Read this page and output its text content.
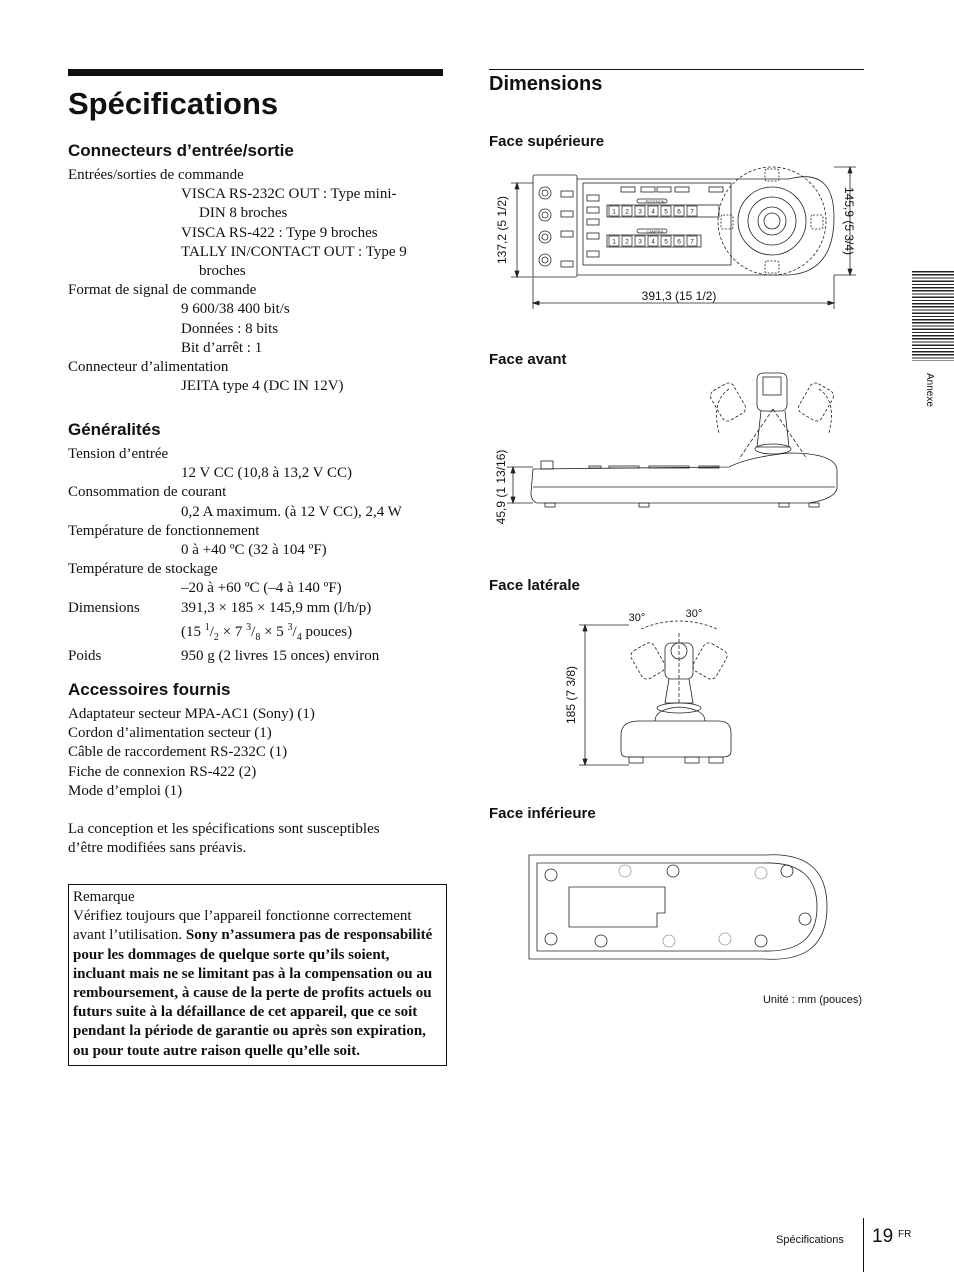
Spécifications
Connecteurs d’entrée/sortie
Entrées/sorties de commande
VISCA RS-232C OUT : Type mini-
DIN 8 broches
VISCA RS-422 : Type 9 broches
TALLY IN/CONTACT OUT : Type 9
broches
Format de signal de commande
9 600/38 400 bit/s
Données : 8 bits
Bit d’arrêt : 1
Connecteur d’alimentation
JEITA type 4 (DC IN 12V)
Généralités
Tension d’entrée
12 V CC (10,8 à 13,2 V CC)
Consommation de courant
0,2 A maximum. (à 12 V CC), 2,4 W
Température de fonctionnement
0 à +40 ºC (32 à 104 ºF)
Température de stockage
–20 à +60 ºC (–4 à 140 ºF)
Dimensions	391,3 × 185 × 145,9 mm (l/h/p)
(15 $^1/_2 \times 7$ $^3/_8 \times 5$ $^3/_4$ pouces)
Poids	950 g (2 livres 15 onces) environ
Accessoires fournis
Adaptateur secteur MPA-AC1 (Sony) (1)
Cordon d’alimentation secteur (1)
Câble de raccordement RS-232C (1)
Fiche de connexion RS-422 (2)
Mode d’emploi (1)
La conception et les spécifications sont susceptibles
d’être modifiées sans préavis.
Remarque
Vérifiez toujours que l’appareil fonctionne correctement avant l’utilisation. Sony n’assumera pas de responsabilité pour les dommages de quelque sorte qu’ils soient, incluant mais ne se limitant pas à la compensation ou au remboursement, à cause de la perte de profits actuels ou futurs suite à la défaillance de cet appareil, que ce soit pendant la période de garantie ou après son expiration, ou pour toute autre raison quelle qu’elle soit.
Dimensions
Face supérieure
1 2 3 4 5 6 7
1 2 3 4 5 6 7
POSITION
CAMERA
137,2 (5 1/2)	145,9 (5 3/4)
391,3 (15 1/2)
Face avant
45,9 (1 13/16)
Face latérale
30°	30°
185 (7 3/8)
Face inférieure
Unité : mm (pouces)
Annexe
Spécifications 19 FR
